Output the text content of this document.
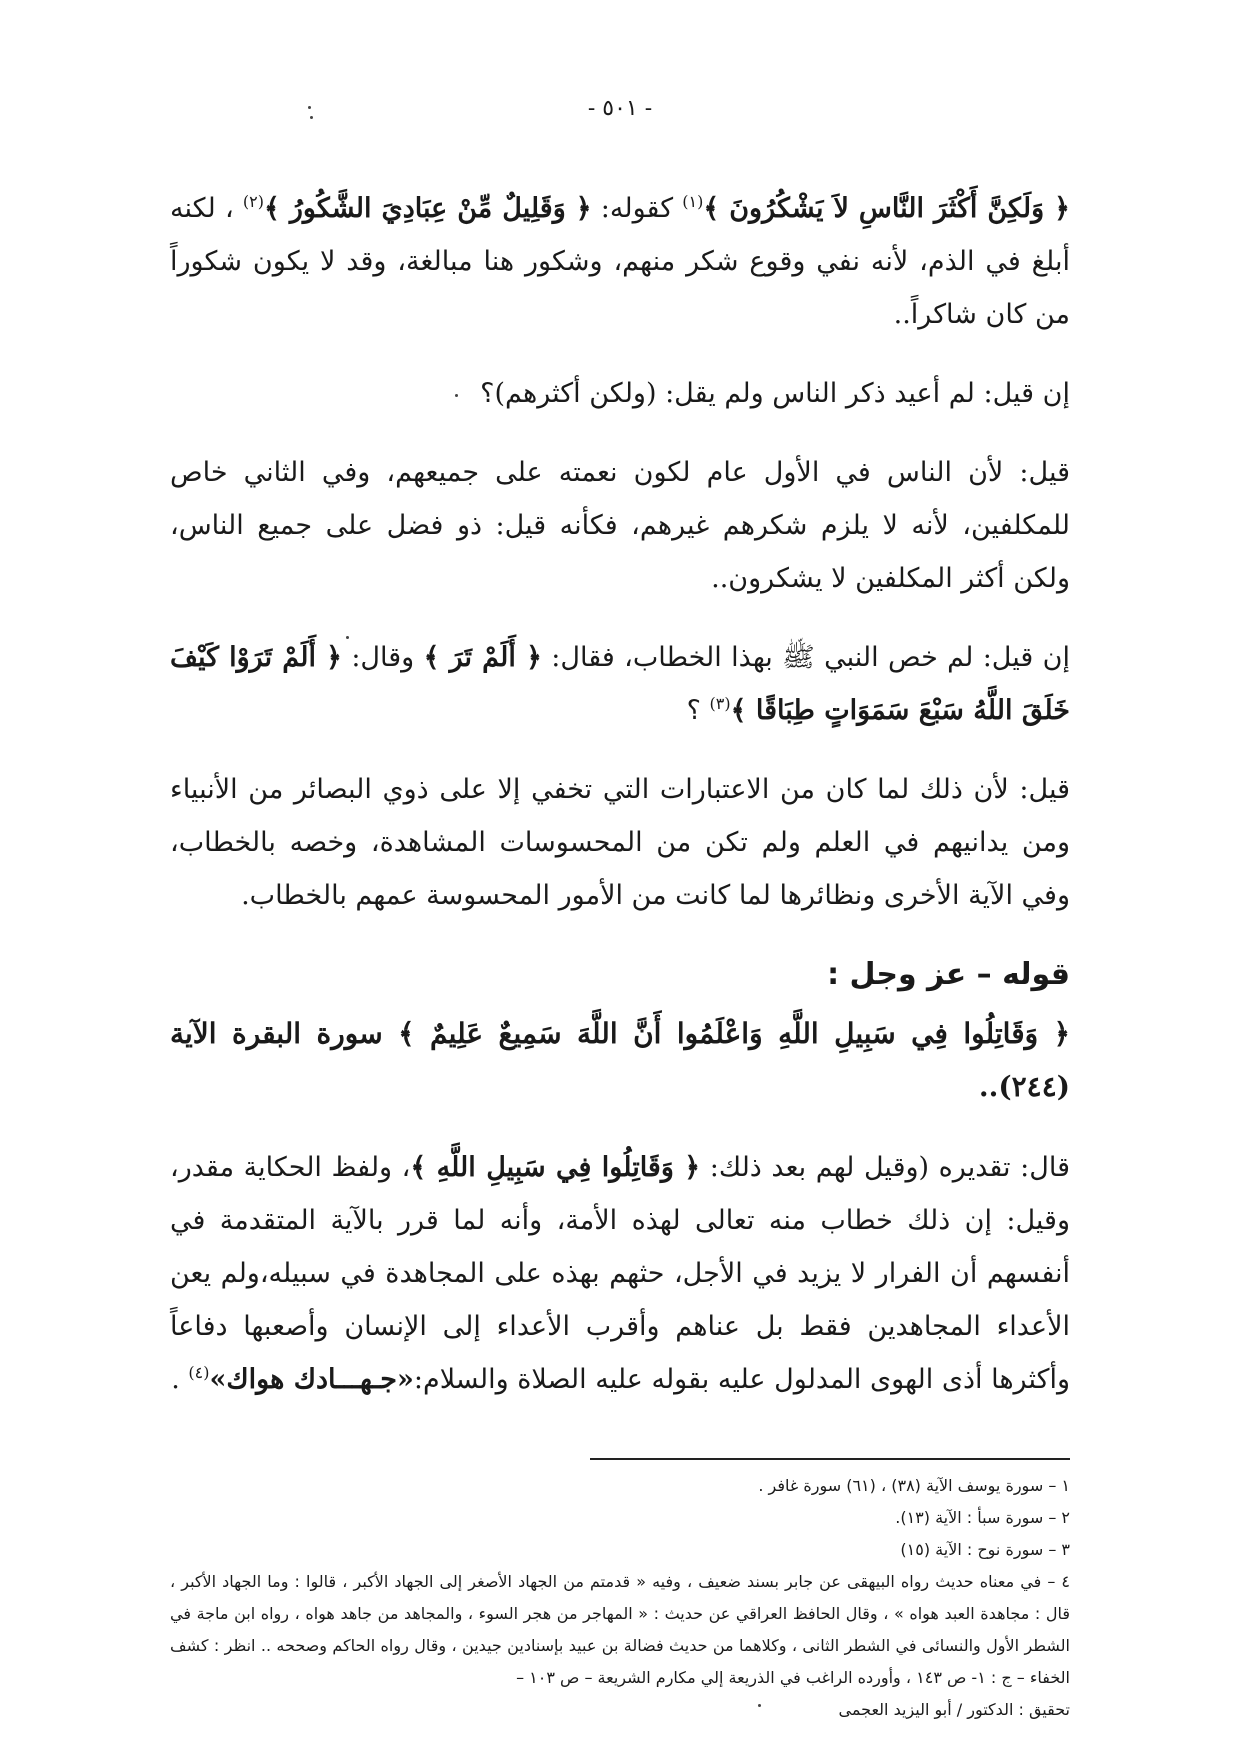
- ٥٠١ -

﴿ وَلَكِنَّ أَكْثَرَ النَّاسِ لاَ يَشْكُرُونَ ﴾$^{(١)}$ كقوله: ﴿ وَقَلِيلٌ مِّنْ عِبَادِيَ الشَّكُورُ ﴾$^{(٢)}$ ، لكنه أبلغ في الذم، لأنه نفي وقوع شكر منهم، وشكور هنا مبالغة، وقد لا يكون شكوراً من كان شاكراً..

إن قيل: لم أعيد ذكر الناس ولم يقل: (ولكن أكثرهم)؟

قيل: لأن الناس في الأول عام لكون نعمته على جميعهم، وفي الثاني خاص للمكلفين، لأنه لا يلزم شكرهم غيرهم، فكأنه قيل: ذو فضل على جميع الناس، ولكن أكثر المكلفين لا يشكرون..

إن قيل: لم خص النبي ﷺ بهذا الخطاب، فقال: ﴿ أَلَمْ تَرَ ﴾ وقال: ﴿ أَلَمْ تَرَوْا كَيْفَ خَلَقَ اللَّهُ سَبْعَ سَمَوَاتٍ طِبَاقًا ﴾$^{(٣)}$ ؟

قيل: لأن ذلك لما كان من الاعتبارات التي تخفي إلا على ذوي البصائر من الأنبياء ومن يدانيهم في العلم ولم تكن من المحسوسات المشاهدة، وخصه بالخطاب، وفي الآية الأخرى ونظائرها لما كانت من الأمور المحسوسة عمهم بالخطاب.

قوله – عز وجل :

﴿ وَقَاتِلُوا فِي سَبِيلِ اللَّهِ وَاعْلَمُوا أَنَّ اللَّهَ سَمِيعٌ عَلِيمٌ ﴾ سورة البقرة الآية (٢٤٤)..

قال: تقديره (وقيل لهم بعد ذلك: ﴿ وَقَاتِلُوا فِي سَبِيلِ اللَّهِ ﴾، ولفظ الحكاية مقدر، وقيل: إن ذلك خطاب منه تعالى لهذه الأمة، وأنه لما قرر بالآية المتقدمة في أنفسهم أن الفرار لا يزيد في الأجل، حثهم بهذه على المجاهدة في سبيله،ولم يعن الأعداء المجاهدين فقط بل عناهم وأقرب الأعداء إلى الإنسان وأصعبها دفاعاً وأكثرها أذى الهوى المدلول عليه بقوله عليه الصلاة والسلام:«جـهـــادك هواك»$^{(٤)}$ .

١ – سورة يوسف الآية (٣٨) ، (٦١) سورة غافر .

٢ – سورة سبأ : الآية (١٣).

٣ – سورة نوح : الآية (١٥)

٤ – في معناه حديث رواه البيهقى عن جابر بسند ضعيف ، وفيه « قدمتم من الجهاد الأصغر إلى الجهاد الأكبر ، قالوا : وما الجهاد الأكبر ، قال : مجاهدة العبد هواه » ، وقال الحافظ العراقي عن حديث : « المهاجر من هجر السوء ، والمجاهد من جاهد هواه ، رواه ابن ماجة في الشطر الأول والنسائى في الشطر الثانى ، وكلاهما من حديث فضالة بن عبيد بإسنادين جيدين ، وقال رواه الحاكم وصححه .. انظر : كشف الخفاء – ج : ١- ص ١٤٣ ، وأورده الراغب في الذريعة إلي مكارم الشريعة – ص ١٠٣ –

تحقيق : الدكتور / أبو اليزيد العجمى
